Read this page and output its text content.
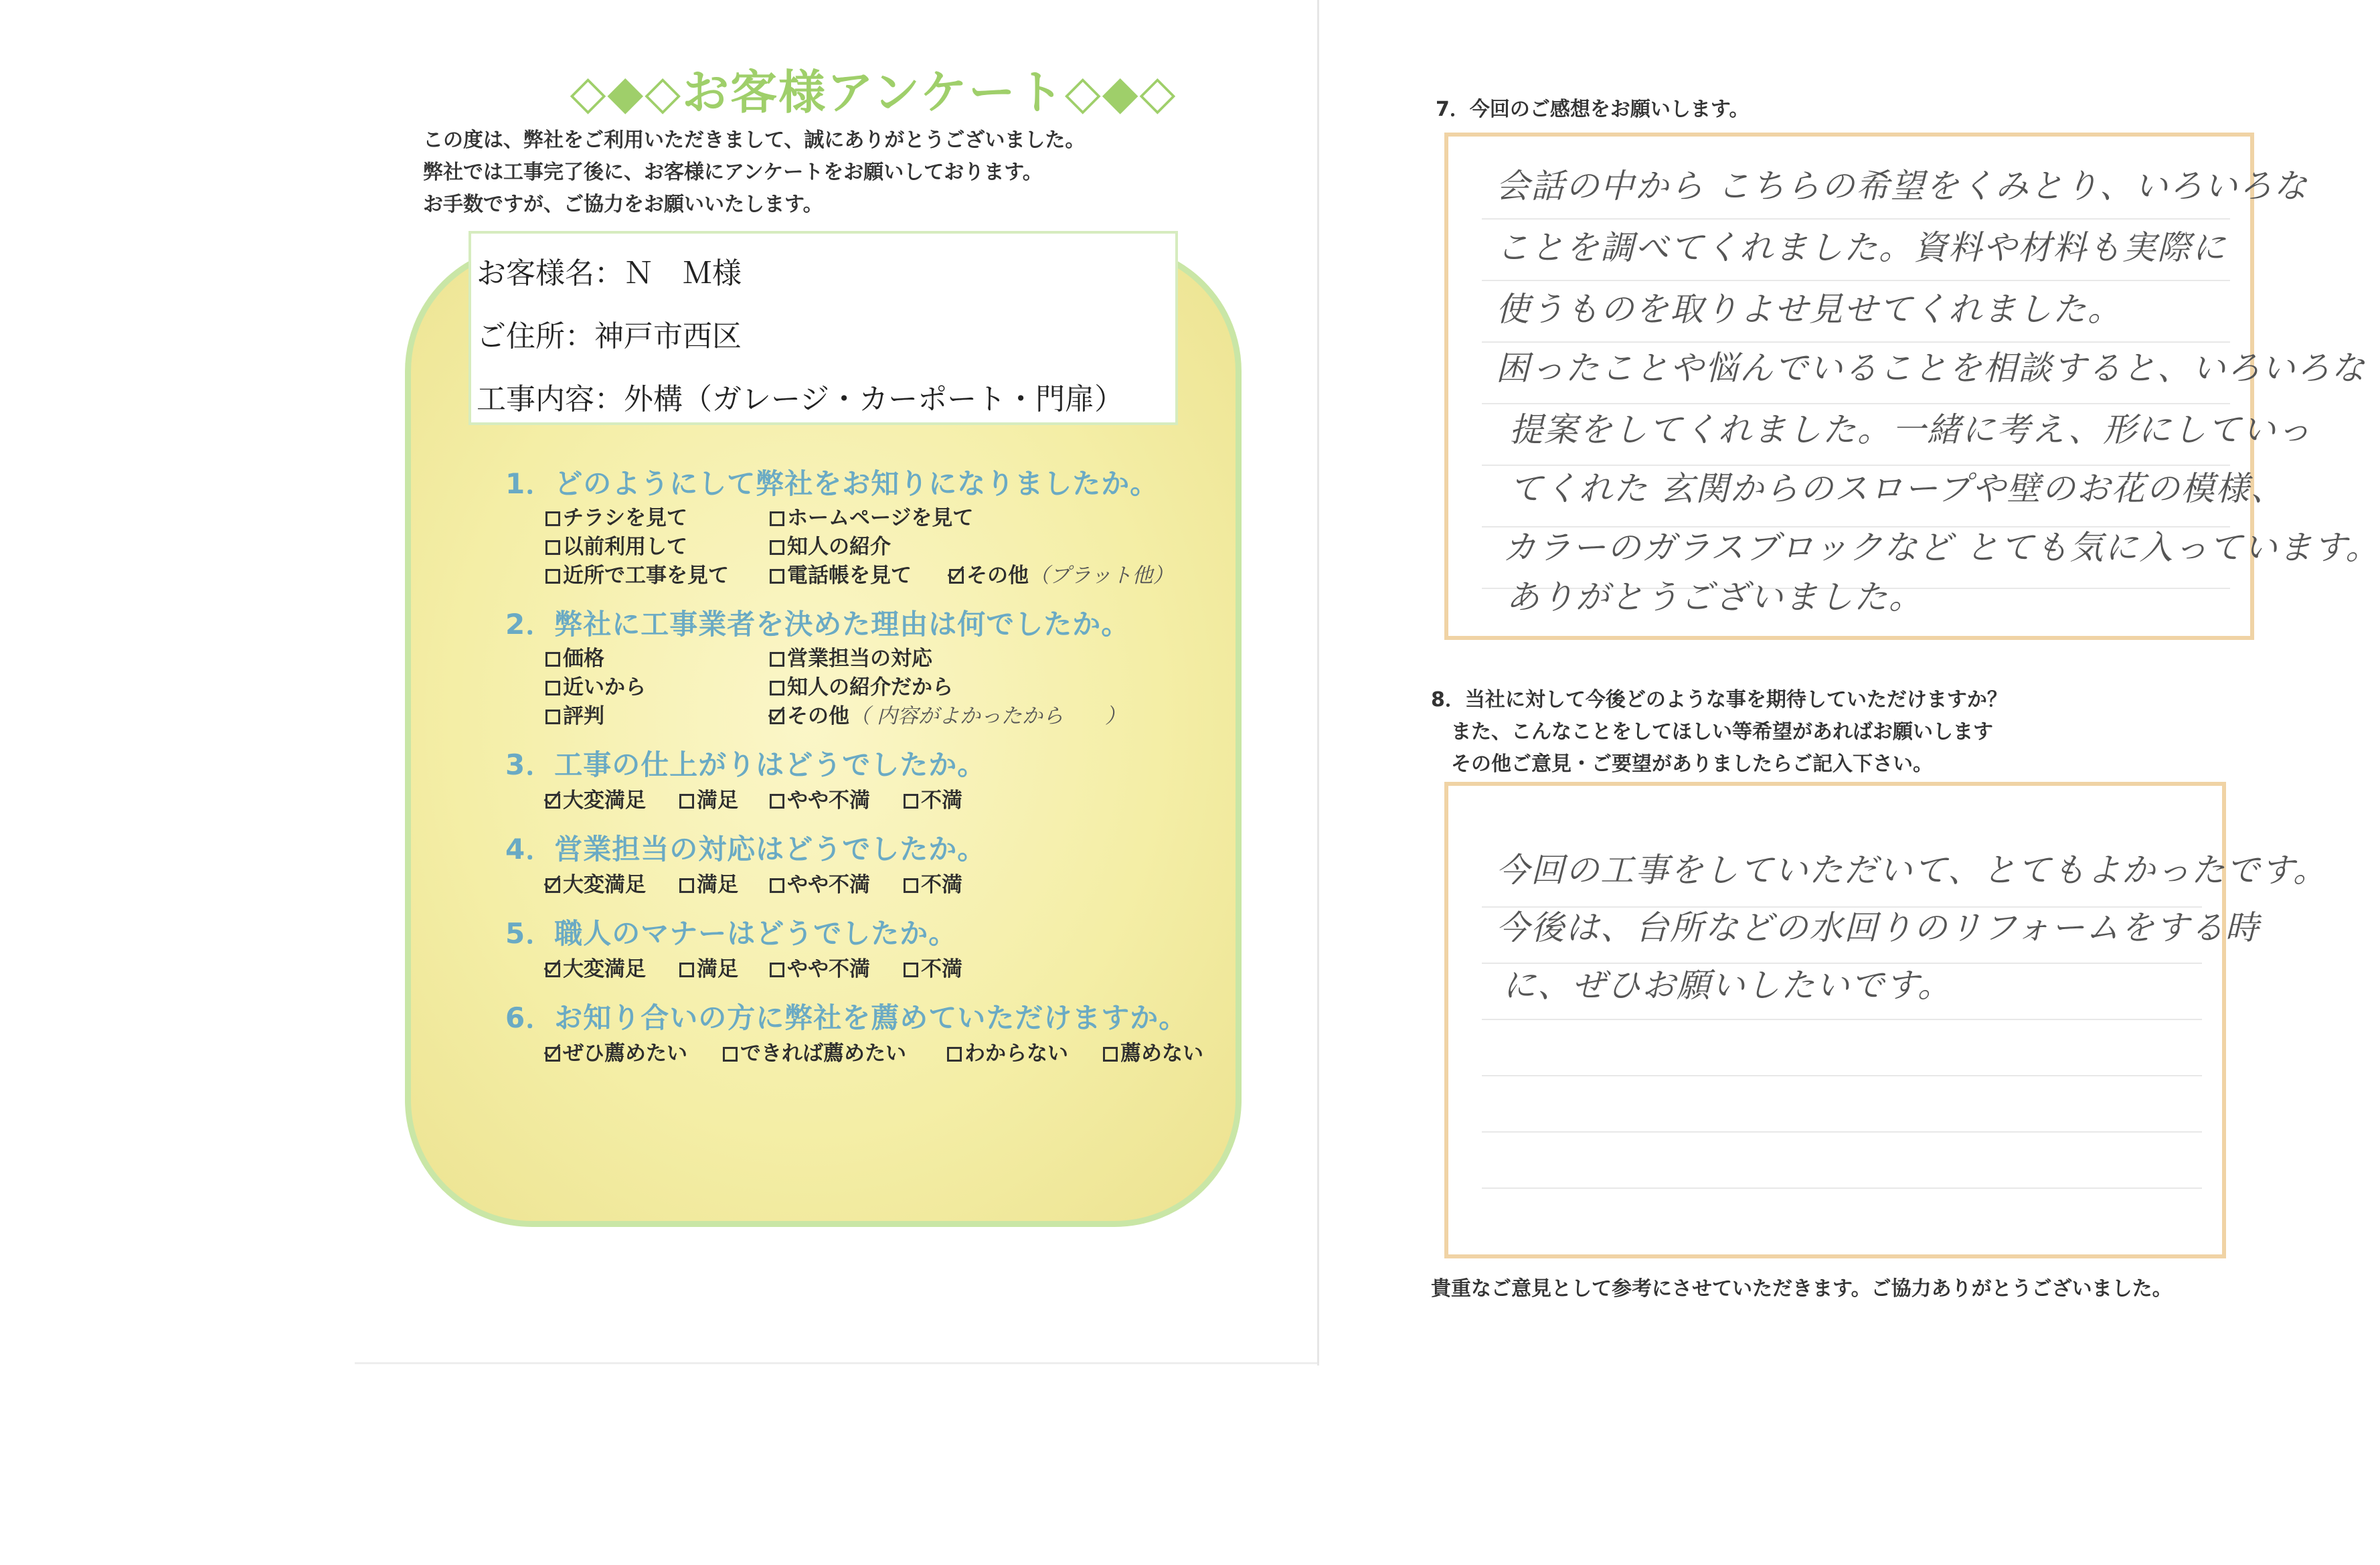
◇◆◇お客様アンケート◇◆◇
この度は、弊社をご利用いただきまして、誠にありがとうございました。
弊社では工事完了後に、お客様にアンケートをお願いしております。
お手数ですが、ご協力をお願いいたします。
お客様名：Ｎ　Ｍ様
ご住所：神戸市西区
工事内容：外構（ガレージ・カーポート・門扉）
1．どのようにして弊社をお知りになりましたか。
チラシを見て	ホームページを見て
以前利用して	知人の紹介
近所で工事を見て	電話帳を見て	その他（プラット他）
2．弊社に工事業者を決めた理由は何でしたか。
価格	営業担当の対応
近いから	知人の紹介だから
評判	その他（ 内容がよかったから　　）
3．工事の仕上がりはどうでしたか。
大変満足	満足	やや不満	不満
4．営業担当の対応はどうでしたか。
大変満足	満足	やや不満	不満
5．職人のマナーはどうでしたか。
大変満足	満足	やや不満	不満
6．お知り合いの方に弊社を薦めていただけますか。
ぜひ薦めたい	できれば薦めたい	わからない	薦めない
7．今回のご感想をお願いします。
会話の中から こちらの希望をくみとり、いろいろな
ことを調べてくれました。資料や材料も実際に
使うものを取りよせ見せてくれました。
困ったことや悩んでいることを相談すると、いろいろな
提案をしてくれました。一緒に考え、形にしていっ
てくれた 玄関からのスロープや壁のお花の模様、
カラーのガラスブロックなど とても気に入っています。
ありがとうございました。
8．当社に対して今後どのような事を期待していただけますか？
また、こんなことをしてほしい等希望があればお願いします
その他ご意見・ご要望がありましたらご記入下さい。
今回の工事をしていただいて、とてもよかったです。
今後は、台所などの水回りのリフォームをする時
に、ぜひお願いしたいです。
貴重なご意見として参考にさせていただきます。ご協力ありがとうございました。
